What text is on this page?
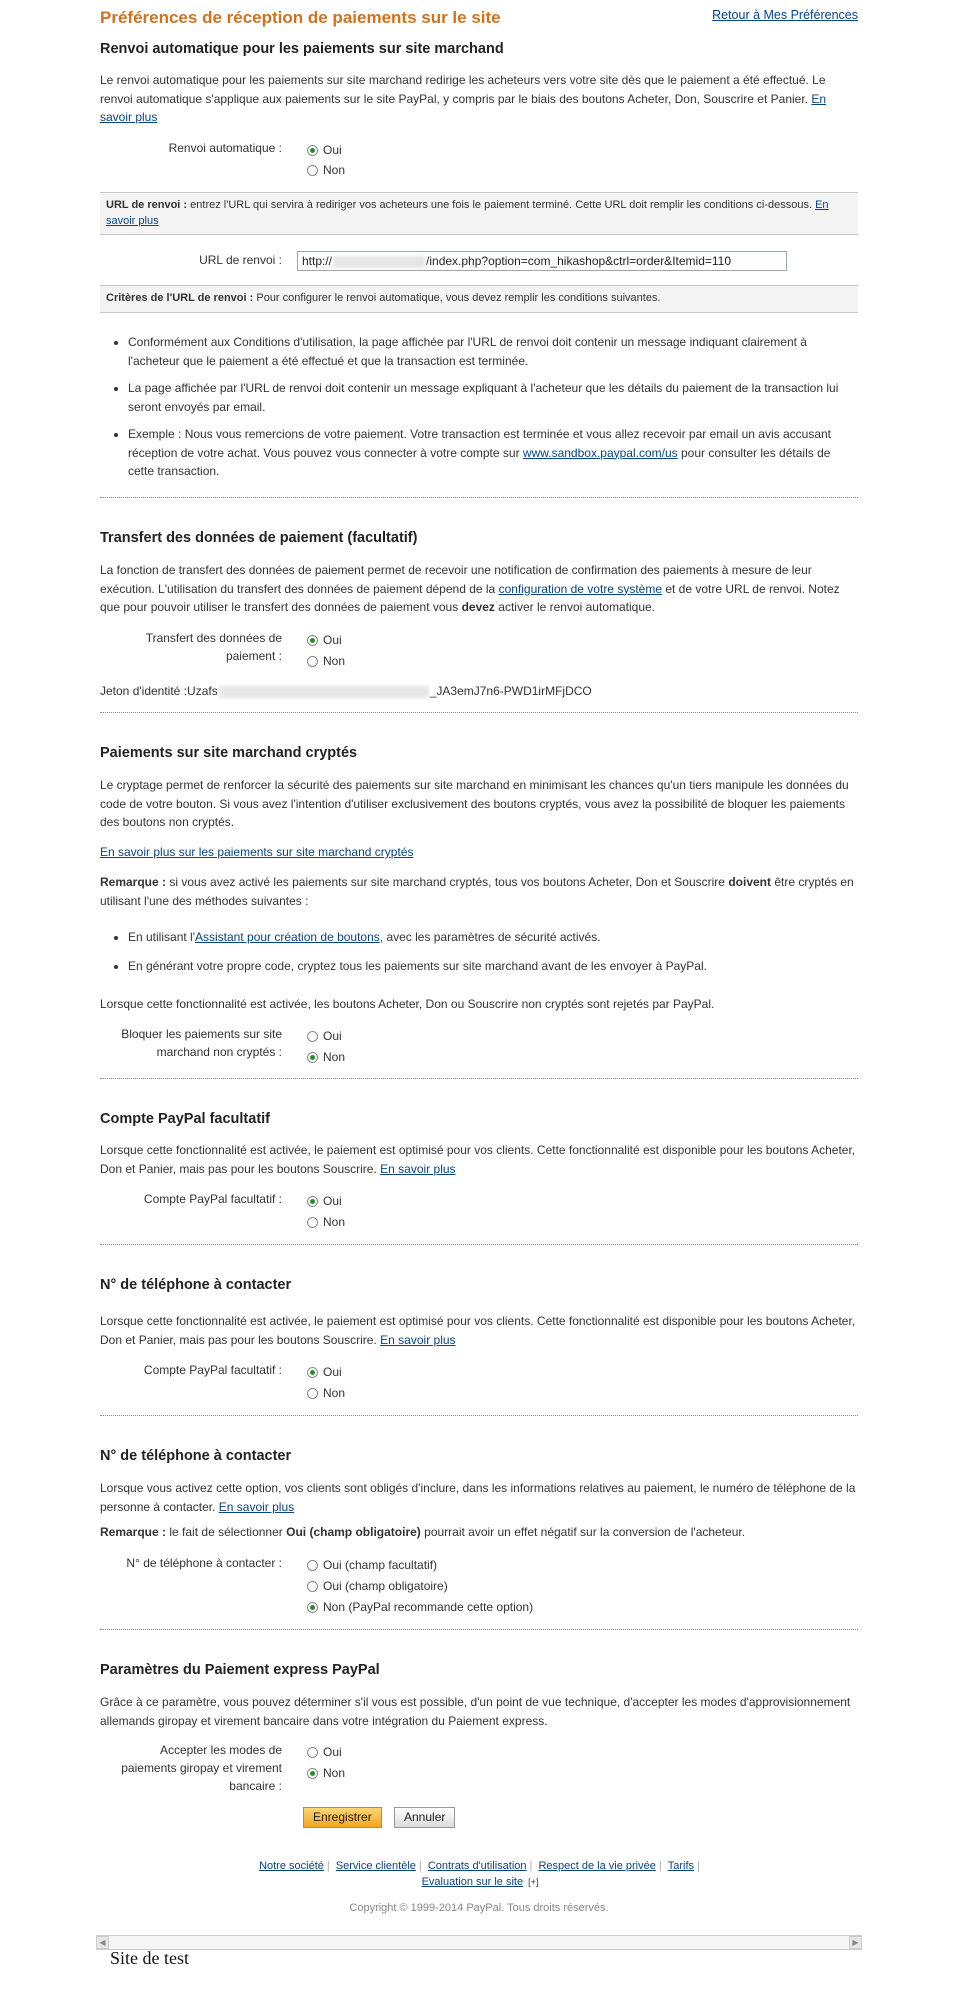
Préférences de réception de paiements sur le site	Retour à Mes Préférences
Renvoi automatique pour les paiements sur site marchand

Le renvoi automatique pour les paiements sur site marchand redirige les acheteurs vers votre site dès que le paiement a été effectué. Le renvoi automatique s'applique aux paiements sur le site PayPal, y compris par le biais des boutons Acheter, Don, Souscrire et Panier. En savoir plus

Renvoi automatique :	Oui
Non
URL de renvoi : entrez l'URL qui servira à rediriger vos acheteurs une fois le paiement terminé. Cette URL doit remplir les conditions ci-dessous. En savoir plus
URL de renvoi :	http://	/index.php?option=com_hikashop&ctrl=order&Itemid=110
Critères de l'URL de renvoi : Pour configurer le renvoi automatique, vous devez remplir les conditions suivantes.
• Conformément aux Conditions d'utilisation, la page affichée par l'URL de renvoi doit contenir un message indiquant clairement à l'acheteur que le paiement a été effectué et que la transaction est terminée.
• La page affichée par l'URL de renvoi doit contenir un message expliquant à l'acheteur que les détails du paiement de la transaction lui seront envoyés par email.
• Exemple : Nous vous remercions de votre paiement. Votre transaction est terminée et vous allez recevoir par email un avis accusant réception de votre achat. Vous pouvez vous connecter à votre compte sur www.sandbox.paypal.com/us pour consulter les détails de cette transaction.
Transfert des données de paiement (facultatif)

La fonction de transfert des données de paiement permet de recevoir une notification de confirmation des paiements à mesure de leur exécution. L'utilisation du transfert des données de paiement dépend de la configuration de votre système et de votre URL de renvoi. Notez que pour pouvoir utiliser le transfert des données de paiement vous devez activer le renvoi automatique.

Transfert des données de paiement :
Oui
Non
Jeton d'identité :Uzafs	_JA3emJ7n6-PWD1irMFjDCO
Paiements sur site marchand cryptés

Le cryptage permet de renforcer la sécurité des paiements sur site marchand en minimisant les chances qu'un tiers manipule les données du code de votre bouton. Si vous avez l'intention d'utiliser exclusivement des boutons cryptés, vous avez la possibilité de bloquer les paiements des boutons non cryptés.

En savoir plus sur les paiements sur site marchand cryptés

Remarque : si vous avez activé les paiements sur site marchand cryptés, tous vos boutons Acheter, Don et Souscrire doivent être cryptés en utilisant l'une des méthodes suivantes :

• En utilisant l'Assistant pour création de boutons, avec les paramètres de sécurité activés.
• En générant votre propre code, cryptez tous les paiements sur site marchand avant de les envoyer à PayPal.

Lorsque cette fonctionnalité est activée, les boutons Acheter, Don ou Souscrire non cryptés sont rejetés par PayPal.

Bloquer les paiements sur site marchand non cryptés :
Oui
Non
Compte PayPal facultatif

Lorsque cette fonctionnalité est activée, le paiement est optimisé pour vos clients. Cette fonctionnalité est disponible pour les boutons Acheter, Don et Panier, mais pas pour les boutons Souscrire. En savoir plus

Compte PayPal facultatif :	Oui
Non
N° de téléphone à contacter

Lorsque cette fonctionnalité est activée, le paiement est optimisé pour vos clients. Cette fonctionnalité est disponible pour les boutons Acheter, Don et Panier, mais pas pour les boutons Souscrire. En savoir plus

Compte PayPal facultatif :	Oui
Non
N° de téléphone à contacter

Lorsque vous activez cette option, vos clients sont obligés d'inclure, dans les informations relatives au paiement, le numéro de téléphone de la personne à contacter. En savoir plus

Remarque : le fait de sélectionner Oui (champ obligatoire) pourrait avoir un effet négatif sur la conversion de l'acheteur.

N° de téléphone à contacter :	Oui (champ facultatif)
Oui (champ obligatoire)
Non (PayPal recommande cette option)
Paramètres du Paiement express PayPal

Grâce à ce paramètre, vous pouvez déterminer s'il vous est possible, d'un point de vue technique, d'accepter les modes d'approvisionnement allemands giropay et virement bancaire dans votre intégration du Paiement express.

Accepter les modes de paiements giropay et virement bancaire :
Oui
Non
Enregistrer	Annuler
Notre société | Service clientèle | Contrats d'utilisation | Respect de la vie privée | Tarifs |
Evaluation sur le site [+]
Copyright © 1999-2014 PayPal. Tous droits réservés.
◀	▶
Site de test
